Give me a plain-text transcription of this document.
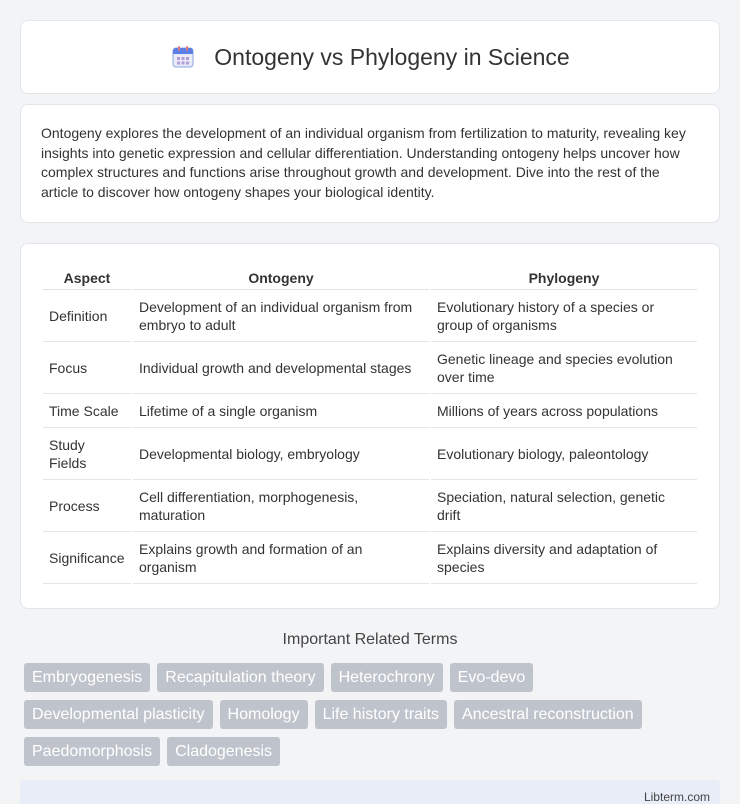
Ontogeny vs Phylogeny in Science

Ontogeny explores the development of an individual organism from fertilization to maturity, revealing key insights into genetic expression and cellular differentiation. Understanding ontogeny helps uncover how complex structures and functions arise throughout growth and development. Dive into the rest of the article to discover how ontogeny shapes your biological identity.

Aspect	Ontogeny	Phylogeny
Definition	Development of an individual organism from embryo to adult	Evolutionary history of a species or group of organisms
Focus	Individual growth and developmental stages	Genetic lineage and species evolution over time
Time Scale	Lifetime of a single organism	Millions of years across populations
Study Fields	Developmental biology, embryology	Evolutionary biology, paleontology
Process	Cell differentiation, morphogenesis, maturation	Speciation, natural selection, genetic drift
Significance	Explains growth and formation of an organism	Explains diversity and adaptation of species
Important Related Terms
Embryogenesis	Recapitulation theory	Heterochrony	Evo-devo
Developmental plasticity	Homology	Life history traits	Ancestral reconstruction
Paedomorphosis	Cladogenesis
Libterm.com
